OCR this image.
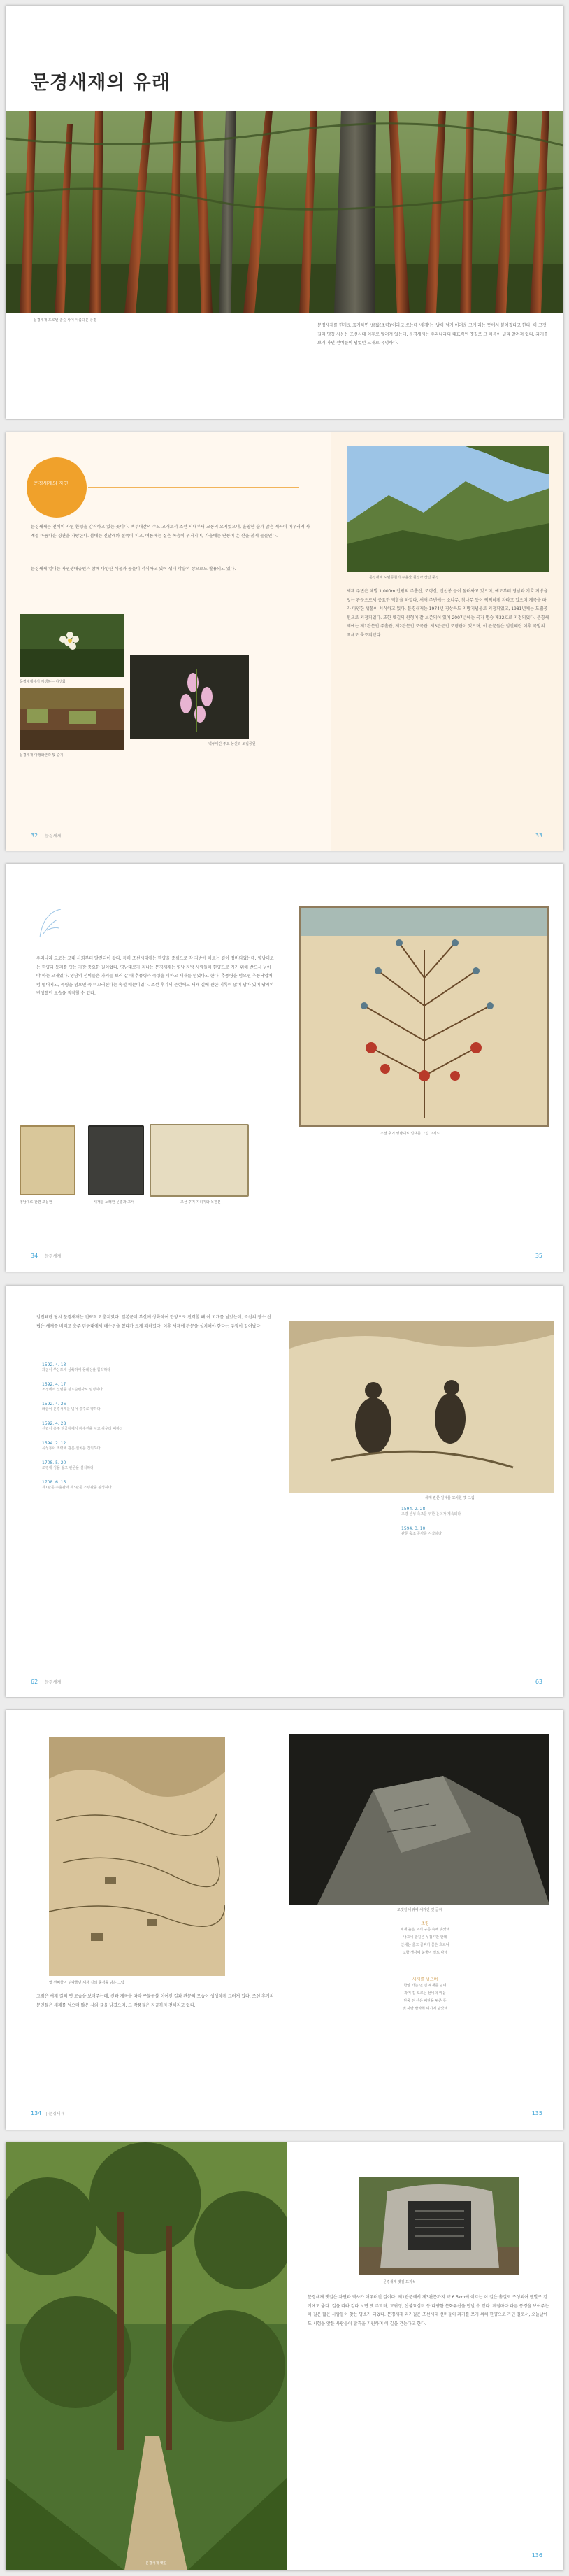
문경새재의 유래
문경새재 도로변 솔숲 사이 아름다운 풍경
문경새재를 한자로 표기하면 '鳥嶺(조령)'이라고 쓰는데 '새재'는 '날아 넘기 어려운 고개'라는 뜻에서 붙여졌다고 한다. 이 고갯길의 명칭 사용은 조선시대 이후로 알려져 있는데, 문경새재는 우리나라의 대표적인 옛길로 그 이름이 널리 알려져 있다. 과거를 보러 가던 선비들이 넘었던 고개로 유명하다.
문경새재의 자연
문경새재는 천혜의 자연 환경을 간직하고 있는 곳이다. 백두대간의 주요 고개로서 조선 시대부터 교통의 요지였으며, 울창한 숲과 맑은 계곡이 어우러져 사계절 아름다운 경관을 자랑한다. 봄에는 진달래와 철쭉이 피고, 여름에는 짙은 녹음이 우거지며, 가을에는 단풍이 온 산을 붉게 물들인다.
문경새재 일대는 자연생태공원과 함께 다양한 식물과 동물이 서식하고 있어 생태 학습의 장으로도 활용되고 있다.
문경새재에서 자생하는 야생화
문경새재 야생화군락 및 습지
백두대간 주요 능선과 도립공원
문경새재 도립공원의 주흘산 원경과 산림 풍경
새재 주변은 해발 1,000m 안팎의 주흘산, 조령산, 신선봉 등이 둘러싸고 있으며, 예로부터 영남과 기호 지방을 잇는 관문으로서 중요한 역할을 하였다. 새재 주변에는 소나무, 참나무 등이 빽빽하게 자라고 있으며 계곡을 따라 다양한 생물이 서식하고 있다. 문경새재는 1974년 경상북도 지방기념물로 지정되었고, 1981년에는 도립공원으로 지정되었다. 또한 옛길의 원형이 잘 보존되어 있어 2007년에는 국가 명승 제32호로 지정되었다. 문경새재에는 제1관문인 주흘관, 제2관문인 조곡관, 제3관문인 조령관이 있으며, 이 관문들은 임진왜란 이후 국방의 요새로 축조되었다.
32 | 문경새재	33
우리나라 도로는 고대 사회부터 발전되어 왔다. 특히 조선시대에는 한양을 중심으로 각 지방에 이르는 길이 정비되었는데, 영남대로는 한양과 동래를 잇는 가장 중요한 길이었다. 영남대로가 지나는 문경새재는 영남 지방 사람들이 한양으로 가기 위해 반드시 넘어야 하는 고개였다. 영남의 선비들은 과거를 보러 갈 때 추풍령과 죽령을 피하고 새재를 넘었다고 한다. 추풍령을 넘으면 추풍낙엽처럼 떨어지고, 죽령을 넘으면 죽 미끄러진다는 속설 때문이었다. 조선 후기의 문헌에도 새재 길에 관한 기록이 많이 남아 있어 당시의 번성했던 모습을 짐작할 수 있다.
영남대로 관련 고문헌	새재를 노래한 문집과 고서	조선 후기 지리지와 목판본
조선 후기 영남대로 일대를 그린 고지도
34 | 문경새재	35
임진왜란 당시 문경새재는 전략적 요충지였다. 일본군이 부산에 상륙하여 한양으로 진격할 때 이 고개를 넘었는데, 조선의 장수 신립은 새재를 버리고 충주 탄금대에서 배수진을 쳤다가 크게 패하였다. 이후 새재에 관문을 설치해야 한다는 주장이 일어났다.
1592. 4. 13
왜군이 부산포에 상륙하여 동래성을 함락하다
1592. 4. 17
조정에서 신립을 삼도순변사로 임명하다
1592. 4. 26
왜군이 문경새재를 넘어 충주로 향하다
1592. 4. 28
신립이 충주 탄금대에서 배수진을 치고 싸우다 패하다
1594. 2. 12
유성룡이 조령에 관문 설치를 건의하다
1708. 5. 20
조령에 성을 쌓고 관문을 설치하다
1708. 6. 15
제1관문 주흘관과 제3관문 조령관을 완성하다
새재 관문 일대를 묘사한 옛 그림
1594. 2. 28
조령 산성 축조를 위한 논의가 계속되다
1594. 3. 10
관문 축조 공사를 시작하다
62 | 문경새재	63
옛 선비들이 넘나들던 새재 길의 풍경을 담은 그림
그림은 새재 길의 옛 모습을 보여주는데, 산과 계곡을 따라 구불구불 이어진 길과 관문의 모습이 생생하게 그려져 있다. 조선 후기의 문인들은 새재를 넘으며 많은 시와 글을 남겼으며, 그 작품들은 지금까지 전해지고 있다.
고갯길 바위에 새겨진 옛 글씨
조령
새재 높은 고개 구름 속에 솟았네
나그네 발길은 무겁기만 한데
산새는 울고 골짜기 물은 흐르니
고향 생각에 눈물이 절로 나네
새재를 넘으며
한양 가는 먼 길 새재를 넘네
과거 길 오르는 선비의 마음
단풍 든 산은 비단을 두른 듯
옛 사람 발자취 여기에 남았네
134 | 문경새재	135
문경새재 옛길
문경새재 옛길 표지석
문경새재 옛길은 자연과 역사가 어우러진 길이다. 제1관문에서 제3관문까지 약 6.5km에 이르는 이 길은 흙길로 조성되어 맨발로 걷기에도 좋다. 길을 따라 걷다 보면 옛 주막터, 교귀정, 산불됴심비 등 다양한 문화유산을 만날 수 있다. 계절마다 다른 풍경을 보여주는 이 길은 많은 사람들이 찾는 명소가 되었다. 문경새재 과거길은 조선시대 선비들이 과거를 보기 위해 한양으로 가던 길로서, 오늘날에도 시험을 앞둔 사람들이 합격을 기원하며 이 길을 걷는다고 한다.
136
